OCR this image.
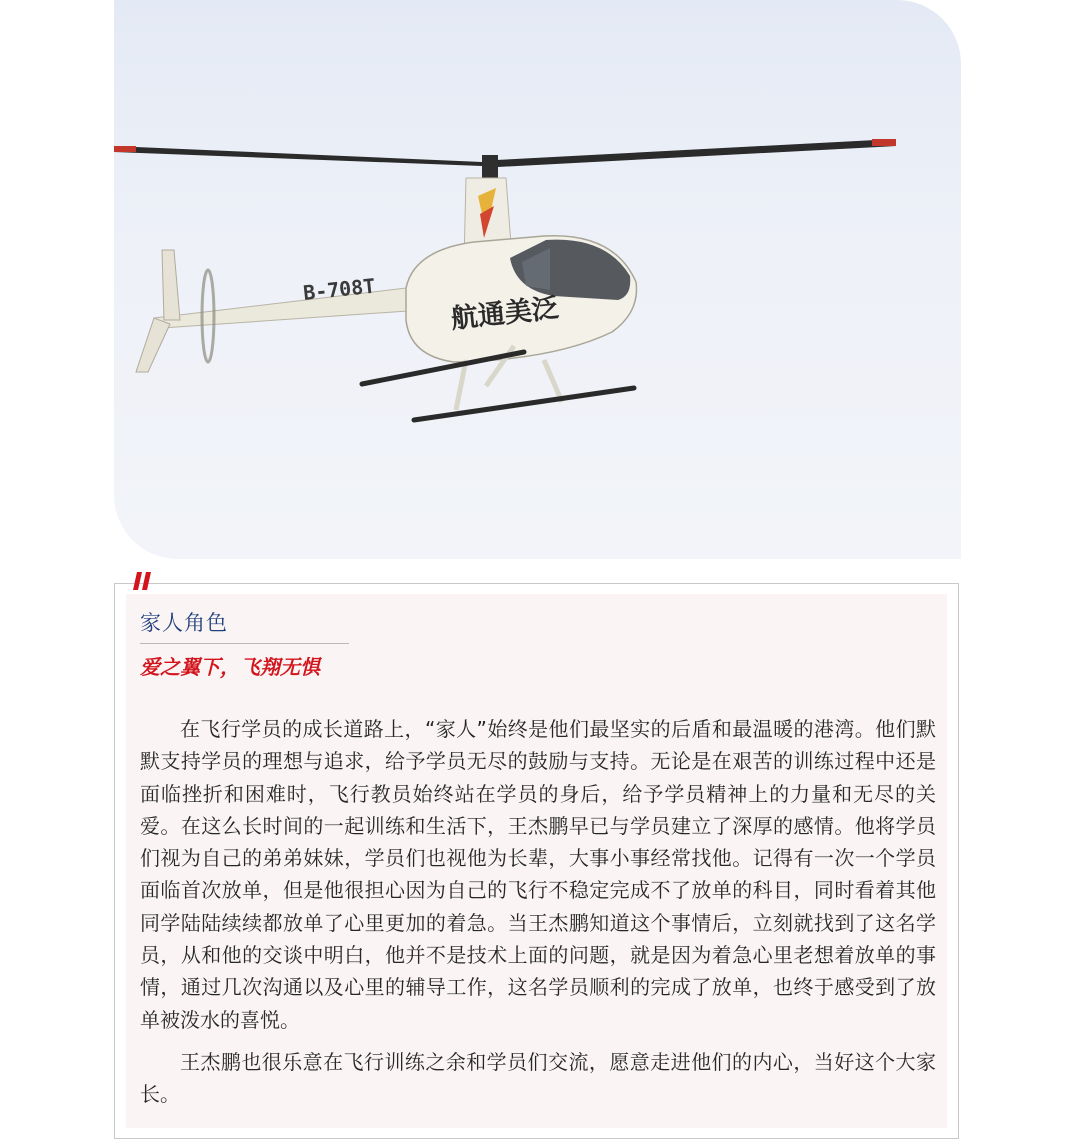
B-708T
航通美泛
家人角色
爱之翼下，飞翔无惧

在飞行学员的成长道路上，“家人”始终是他们最坚实的后盾和最温暖的港湾。他们默默支持学员的理想与追求，给予学员无尽的鼓励与支持。无论是在艰苦的训练过程中还是面临挫折和困难时，飞行教员始终站在学员的身后，给予学员精神上的力量和无尽的关爱。在这么长时间的一起训练和生活下，王杰鹏早已与学员建立了深厚的感情。他将学员们视为自己的弟弟妹妹，学员们也视他为长辈，大事小事经常找他。记得有一次一个学员面临首次放单，但是他很担心因为自己的飞行不稳定完成不了放单的科目，同时看着其他同学陆陆续续都放单了心里更加的着急。当王杰鹏知道这个事情后，立刻就找到了这名学员，从和他的交谈中明白，他并不是技术上面的问题，就是因为着急心里老想着放单的事情，通过几次沟通以及心里的辅导工作，这名学员顺利的完成了放单，也终于感受到了放单被泼水的喜悦。

王杰鹏也很乐意在飞行训练之余和学员们交流，愿意走进他们的内心，当好这个大家长。
